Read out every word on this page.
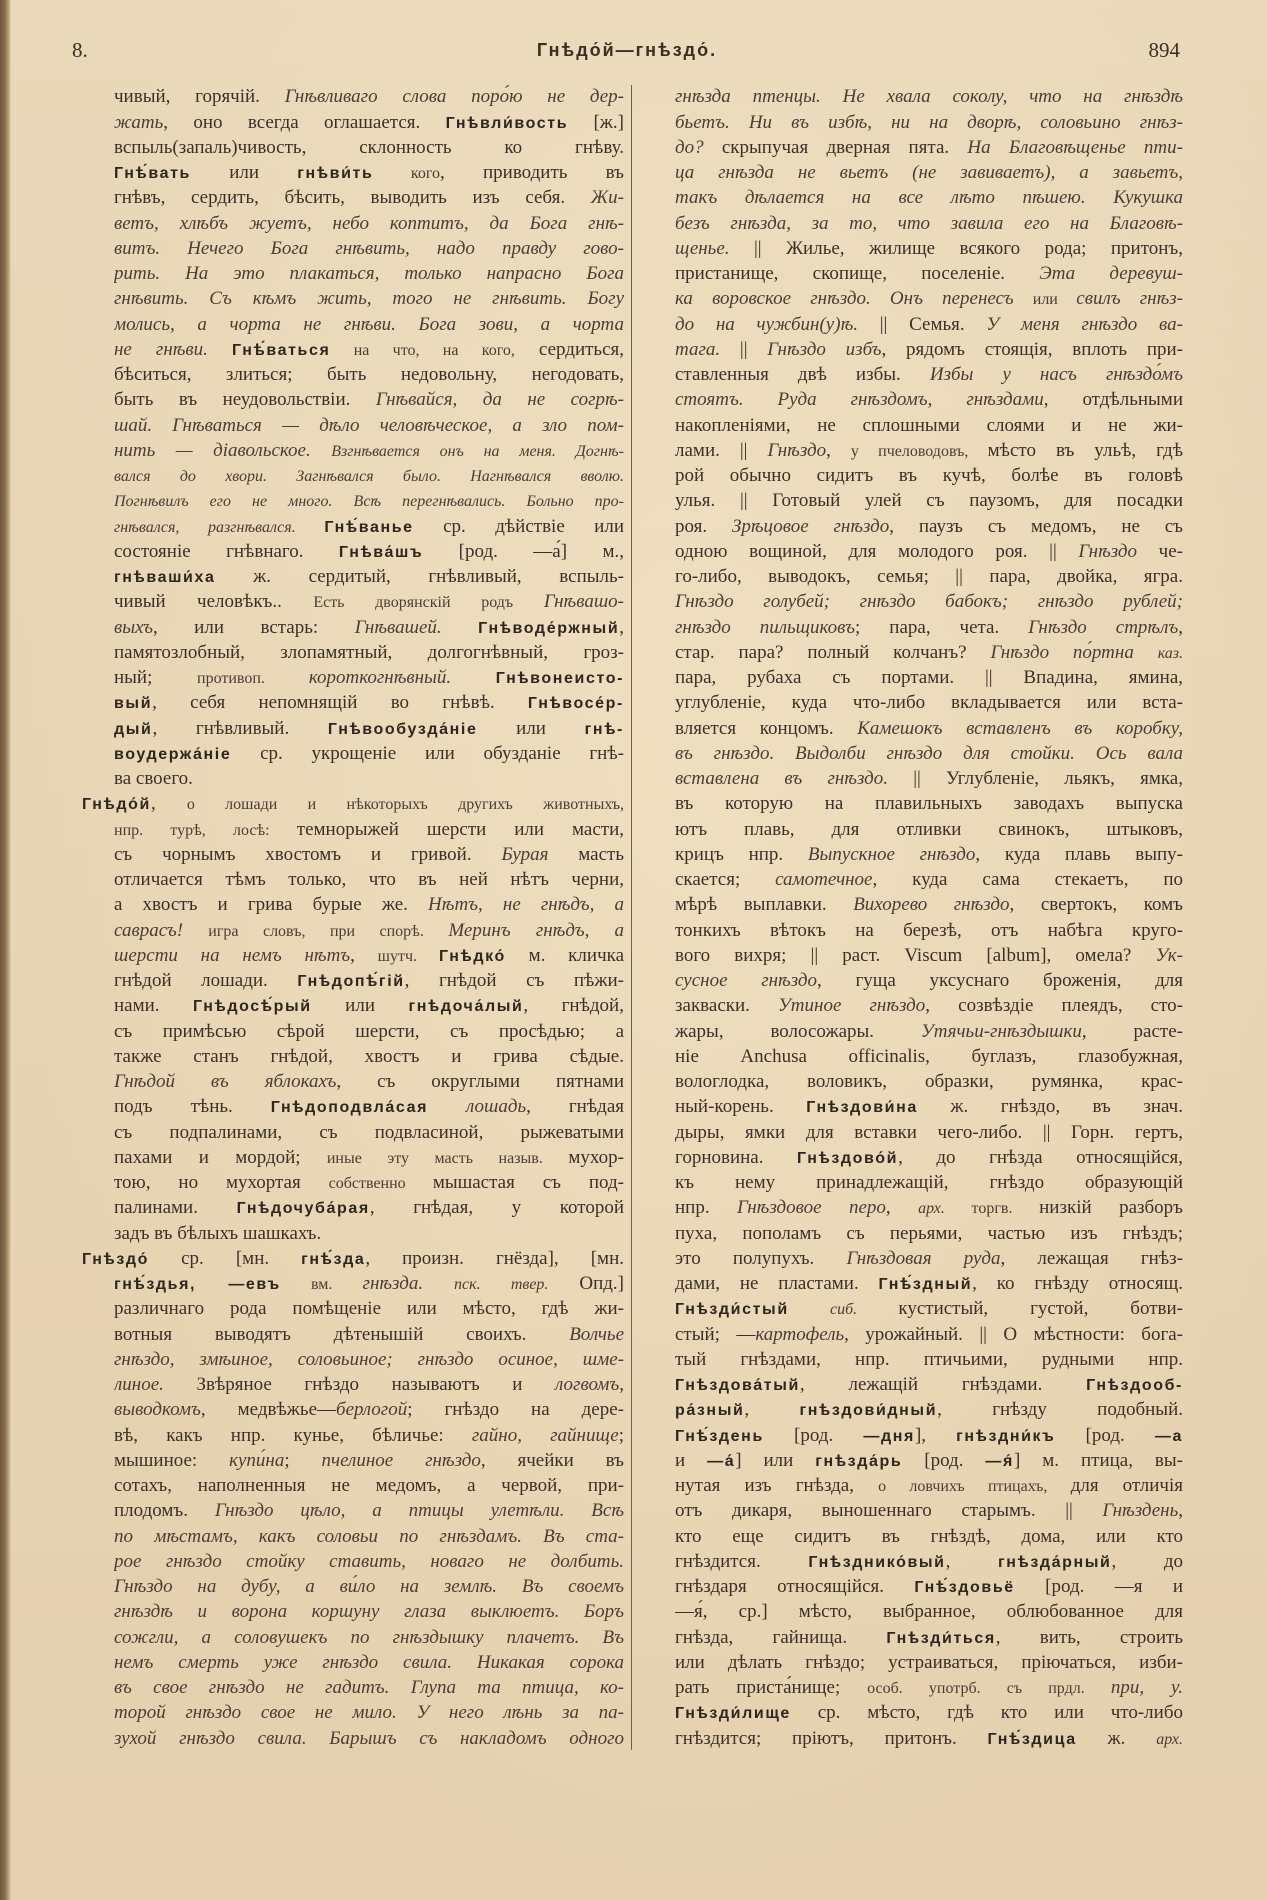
8.	Гнѣдо́й—гнѣздо́.	894
чивый, горячій. Гнѣвливаго слова поро́ю не дер-
жать, оно всегда оглашается. Гнѣвли́вость [ж.]
вспыль(запаль)чивость, склонность ко гнѣву.
Гнѣ́вать или гнѣви́ть кого, приводить въ
гнѣвъ, сердить, бѣсить, выводить изъ себя. Жи-
ветъ, хлѣбъ жуетъ, небо коптитъ, да Бога гнѣ-
витъ. Нечего Бога гнѣвить, надо правду гово-
рить. На это плакаться, только напрасно Бога
гнѣвить. Съ кѣмъ жить, того не гнѣвить. Богу
молись, а чорта не гнѣви. Бога зови, а чорта
не гнѣви. Гнѣ́ваться на что, на кого, сердиться,
бѣситься, злиться; быть недовольну, негодовать,
быть въ неудовольствіи. Гнѣвайся, да не согрѣ-
шай. Гнѣваться — дѣло человѣческое, а зло пом-
нить — діавольское. Взгнѣвается онъ на меня. Догнѣ-
вался до хвори. Загнѣвался было. Нагнѣвался вволю.
Погнѣвилъ его не много. Всѣ перегнѣвались. Больно про-
гнѣвался, разгнѣвался. Гнѣ́ванье ср. дѣйствіе или
состояніе гнѣвнаго. Гнѣва́шъ [род. —а́] м.,
гнѣваши́ха ж. сердитый, гнѣвливый, вспыль-
чивый человѣкъ.. Есть дворянскій родъ Гнѣвашо-
выхъ, или встарь: Гнѣвашей. Гнѣводе́ржный,
памятозлобный, злопамятный, долгогнѣвный, гроз-
ный; противоп. короткогнѣвный. Гнѣвонеисто-
вый, себя непомнящій во гнѣвѣ. Гнѣвосе́р-
дый, гнѣвливый. Гнѣвообузда́ніе или гнѣ-
воудержа́ніе ср. укрощеніе или обузданіе гнѣ-
ва своего.
Гнѣдо́й, о лошади и нѣкоторыхъ другихъ животныхъ,
нпр. турѣ, лосѣ: темнорыжей шерсти или масти,
съ чорнымъ хвостомъ и гривой. Бурая масть
отличается тѣмъ только, что въ ней нѣтъ черни,
а хвостъ и грива бурые же. Нѣтъ, не гнѣдъ, а
саврасъ! игра словъ, при спорѣ. Меринъ гнѣдъ, а
шерсти на немъ нѣтъ, шутч. Гнѣдко́ м. кличка
гнѣдой лошади. Гнѣдопѣ́гій, гнѣдой съ пѣжи-
нами. Гнѣдосѣ́рый или гнѣдоча́лый, гнѣдой,
съ примѣсью сѣрой шерсти, съ просѣдью; а
также станъ гнѣдой, хвостъ и грива сѣдые.
Гнѣдой въ яблокахъ, съ округлыми пятнами
подъ тѣнь. Гнѣдоподвла́сая лошадь, гнѣдая
съ подпалинами, съ подвласиной, рыжеватыми
пахами и мордой; иные эту масть назыв. мухор-
тою, но мухортая собственно мышастая съ под-
палинами. Гнѣдочуба́рая, гнѣдая, у которой
задъ въ бѣлыхъ шашкахъ.
Гнѣздо́ ср. [мн. гнѣ́зда, произн. гнёзда], [мн.
гнѣ́здья, —евъ вм. гнѣзда. пск. твер. Опд.]
различнаго рода помѣщеніе или мѣсто, гдѣ жи-
вотныя выводятъ дѣтенышій своихъ. Волчье
гнѣздо, змѣиное, соловьиное; гнѣздо осиное, шме-
линое. Звѣряное гнѣздо называютъ и логвомъ,
выводкомъ, медвѣжье—берлогой; гнѣздо на дере-
вѣ, какъ нпр. кунье, бѣличье: гайно, гайнище;
мышиное: купи́на; пчелиное гнѣздо, ячейки въ
сотахъ, наполненныя не медомъ, а червой, при-
плодомъ. Гнѣздо цѣло, а птицы улетѣли. Всѣ
по мѣстамъ, какъ соловьи по гнѣздамъ. Въ ста-
рое гнѣздо стойку ставить, новаго не долбить.
Гнѣздо на дубу, а ви́ло на землѣ. Въ своемъ
гнѣздѣ и ворона коршуну глаза выклюетъ. Боръ
сожгли, а соловушекъ по гнѣздышку плачетъ. Въ
немъ смерть уже гнѣздо свила. Никакая сорока
въ свое гнѣздо не гадитъ. Глупа та птица, ко-
торой гнѣздо свое не мило. У него лѣнь за па-
зухой гнѣздо свила. Барышъ съ накладомъ одного
гнѣзда птенцы. Не хвала соколу, что на гнѣздѣ
бьетъ. Ни въ избѣ, ни на дворѣ, соловьино гнѣз-
до? скрыпучая дверная пята. На Благовѣщенье пти-
ца гнѣзда не вьетъ (не завиваетъ), а завьетъ,
такъ дѣлается на все лѣто пѣшею. Кукушка
безъ гнѣзда, за то, что завила его на Благовѣ-
щенье. || Жилье, жилище всякого рода; притонъ,
пристанище, скопище, поселеніе. Эта деревуш-
ка воровское гнѣздо. Онъ перенесъ или свилъ гнѣз-
до на чужбин(у)ѣ. || Семья. У меня гнѣздо ва-
тага. || Гнѣздо избъ, рядомъ стоящія, вплоть при-
ставленныя двѣ избы. Избы у насъ гнѣздо́мъ
стоятъ. Руда гнѣздомъ, гнѣздами, отдѣльными
накопленіями, не сплошными слоями и не жи-
лами. || Гнѣздо, у пчеловодовъ, мѣсто въ ульѣ, гдѣ
рой обычно сидитъ въ кучѣ, болѣе въ головѣ
улья. || Готовый улей съ паузомъ, для посадки
роя. Зрѣцовое гнѣздо, паузъ съ медомъ, не съ
одною вощиной, для молодого роя. || Гнѣздо че-
го-либо, выводокъ, семья; || пара, двойка, ягра.
Гнѣздо голубей; гнѣздо бабокъ; гнѣздо рублей;
гнѣздо пильщиковъ; пара, чета. Гнѣздо стрѣлъ,
стар. пара? полный колчанъ? Гнѣздо по́ртна каз.
пара, рубаха съ портами. || Впадина, ямина,
углубленіе, куда что-либо вкладывается или вста-
вляется концомъ. Камешокъ вставленъ въ коробку,
въ гнѣздо. Выдолби гнѣздо для стойки. Ось вала
вставлена въ гнѣздо. || Углубленіе, льякъ, ямка,
въ которую на плавильныхъ заводахъ выпуска
ютъ плавь, для отливки свинокъ, штыковъ,
крицъ нпр. Выпускное гнѣздо, куда плавь выпу-
скается; самотечное, куда сама стекаетъ, по
мѣрѣ выплавки. Вихорево гнѣздо, свертокъ, комъ
тонкихъ вѣтокъ на березѣ, отъ набѣга круго-
вого вихря; || раст. Viscum [album], омела? Ук-
сусное гнѣздо, гуща уксуснаго броженія, для
закваски. Утиное гнѣздо, созвѣздіе плеядъ, сто-
жары, волосожары. Утячьи-гнѣздышки, расте-
ніе Anchusa officinalis, буглазъ, глазобужная,
вологлодка, воловикъ, образки, румянка, крас-
ный-корень. Гнѣздови́на ж. гнѣздо, въ знач.
дыры, ямки для вставки чего-либо. || Горн. гертъ,
горновина. Гнѣздово́й, до гнѣзда относящійся,
къ нему принадлежащій, гнѣздо образующій
нпр. Гнѣздовое перо, арх. торгв. низкій разборъ
пуха, пополамъ съ перьями, частью изъ гнѣздъ;
это полупухъ. Гнѣздовая руда, лежащая гнѣз-
дами, не пластами. Гнѣ́здный, ко гнѣзду относящ.
Гнѣзди́стый сиб. кустистый, густой, ботви-
стый; —картофель, урожайный. || О мѣстности: бога-
тый гнѣздами, нпр. птичьими, рудными нпр.
Гнѣздова́тый, лежащій гнѣздами. Гнѣздооб-
ра́зный, гнѣздови́дный, гнѣзду подобный.
Гнѣ́здень [род. —дня], гнѣздни́къ [род. —а
и —а́] или гнѣзда́рь [род. —я́] м. птица, вы-
нутая изъ гнѣзда, о ловчихъ птицахъ, для отличія
отъ дикаря, выношеннаго старымъ. || Гнѣздень,
кто еще сидитъ въ гнѣздѣ, дома, или кто
гнѣздится. Гнѣзднико́вый, гнѣзда́рный, до
гнѣздаря относящійся. Гнѣ́здовьё [род. —я и
—я́, ср.] мѣсто, выбранное, облюбованное для
гнѣзда, гайнища. Гнѣзди́ться, вить, строить
или дѣлать гнѣздо; устраиваться, пріючаться, изби-
рать приста́нище; особ. употрб. съ прдл. при, у.
Гнѣзди́лище ср. мѣсто, гдѣ кто или что-либо
гнѣздится; пріютъ, притонъ. Гнѣ́здица ж. арх.
